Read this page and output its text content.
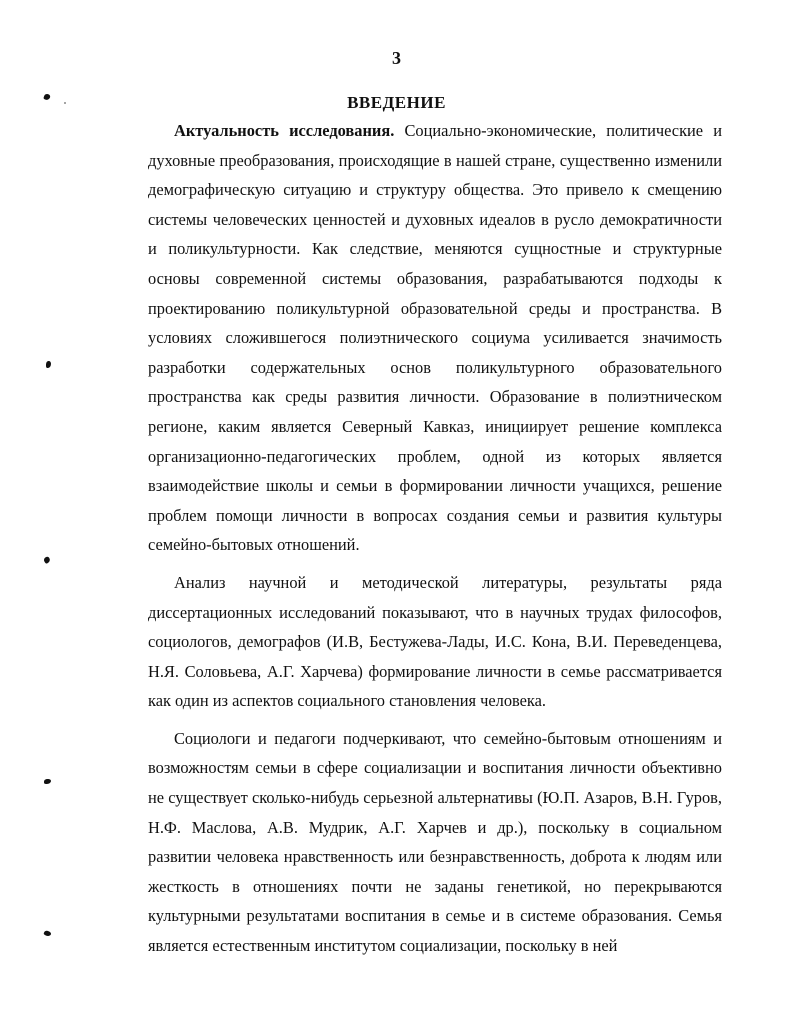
3
ВВЕДЕНИЕ

Актуальность исследования. Социально-экономические, политические и духовные преобразования, происходящие в нашей стране, существенно изменили демографическую ситуацию и структуру общества. Это привело к смещению системы человеческих ценностей и духовных идеалов в русло демократичности и поликультурности. Как следствие, меняются сущностные и структурные основы современной системы образования, разрабатываются подходы к проектированию поликультурной образовательной среды и пространства. В условиях сложившегося полиэтнического социума усиливается значимость разработки содержательных основ поликультурного образовательного пространства как среды развития личности. Образование в полиэтническом регионе, каким является Северный Кавказ, инициирует решение комплекса организационно-педагогических проблем, одной из которых является взаимодействие школы и семьи в формировании личности учащихся, решение проблем помощи личности в вопросах создания семьи и развития культуры семейно-бытовых отношений.

Анализ научной и методической литературы, результаты ряда диссертационных исследований показывают, что в научных трудах философов, социологов, демографов (И.В, Бестужева-Лады, И.С. Кона, В.И. Переведенцева, Н.Я. Соловьева, А.Г. Харчева) формирование личности в семье рассматривается как один из аспектов социального становления человека.

Социологи и педагоги подчеркивают, что семейно-бытовым отношениям и возможностям семьи в сфере социализации и воспитания личности объективно не существует сколько-нибудь серьезной альтернативы (Ю.П. Азаров, В.Н. Гуров, Н.Ф. Маслова, А.В. Мудрик, А.Г. Харчев и др.), поскольку в социальном развитии человека нравственность или безнравственность, доброта к людям или жесткость в отношениях почти не заданы генетикой, но перекрываются культурными результатами воспитания в семье и в системе образования. Семья является естественным институтом социализации, поскольку в ней
